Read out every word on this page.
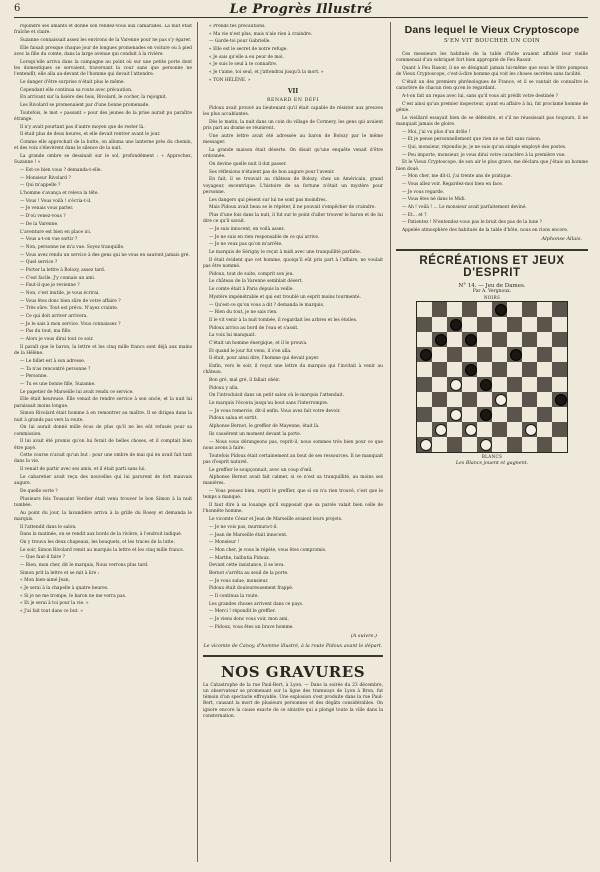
6	Le Progrès Illustré

rejoindre ses amants et donne son rendez-vous aux camarades. La nuit était fraîche et claire.

Suzanne connaissait assez les environs de la Varenne pour ne pas s'y égarer.

Elle faisait presque chaque jour de longues promenades en voiture ou à pied avec la fille du comte, dans la large avenue qui conduit à la rivière.

Lorsqu'elle arriva dans la campagne au point où sur une petite porte dont les domestiques se servaient, traversant la cour sans que personne ne l'entendît, elle alla au-devant de l'homme qui devait l'attendre.

Le danger d'être surprise n'était plus le même.

Cependant elle continua sa route avec précaution.

En arrivant sur la lisière des bois, Rivolard, le cocher, la rejoignit.

Les Rivolard se promenaient par d'une bonne promenade.

Toutefois, le mot « passant » pour des jeunes de la prise aurait pu paraître étrange.

Il n'y avait pourtant pas d'autre moyen que de rester là.

Il était plus de deux heures, et elle devait rentrer avant le jour.

Comme elle approchait de la butte, on alluma une lanterne près du chemin, et des voix s'élevèrent dans le silence de la nuit.

La grande ombre se dessinait sur le sol, profondément : « Approchez, Suzanne ! »

— Est-ce bien vous ? demanda-t-elle.

— Monsieur Rivolard ?

— Qui m'appelle ?

L'homme s'avança et releva la tête.

— Vous ! Vous voilà ! s'écria-t-il.

— Je venais vous parler.

— D'où venez-vous ?

— De la Varenne.

L'aventure est bien en place ici.

— Vous a-t-on vue sortir ?

— Non, personne ne m'a vue. Soyez tranquille.

— Vous avez rendu un service à des gens qui ne vous en sauront jamais gré.

— Quel service ?

— Porter la lettre à Bolozy, assez tard.

— C'est facile. J'y connais un ami.

— Faut-il que je revienne ?

— Non, c'est inutile, je vous écrirai.

— Vous êtes donc bien sûre de votre affaire ?

— Très sûre. Tout est prévu. N'ayez crainte.

— Ce qui doit arriver arrivera.

— Je le sais à mon service. Vous connaissez ?

— Pas du tout, ma fille.

— Alors je vous dirai tout ce soir.

Il paraît que le baron, la lettre et les cinq mille francs sont déjà aux mains de la Hélène.

— Le billet est à son adresse.

— Ta n'as rencontré personne ?

— Personne.

— Tu es une bonne fille, Suzanne.

Le papetier de Marseille lui avait rendu ce service.

Elle était heureuse. Elle venait de rendre service à son oncle, et la nuit lui paraissait moins longue.

Simon Rivolard était homme à en remontrer au maître. Il se dirigea dans la nuit à grands pas vers la route.

On lui aurait donné mille écus de plus qu'il ne les eût refusés pour sa commission.

Il lui avait été promis qu'on lui ferait de belles choses, et il comptait bien être payé.

Cette course n'avait qu'un but : pour une ombre de mai qui en avait fait tant dans la vie.

Il venait de partir avec ses amis, et il était parti sans lui.

Le cabaretier avait reçu des nouvelles qui lui parurent de fort mauvais augure.

De quelle sorte ?

Plusieurs fois Toussaint Verdier était venu trouver le bon Simon à la nuit tombée.

Au point du jour, la lavandière arriva à la grille du Rosey et demanda le marquis.

Il l'attendit dans le salon.

Dans la matinée, on se rendit aux bords de la rivière, à l'endroit indiqué.

On y trouva les deux chapeaux, les bouquets, et les traces de la lutte.

Le soir, Simon Rivolard remit au marquis la lettre et les cinq mille francs.

— Que faut-il faire ?

— Rien, mon cher, dit le marquis, Nous verrons plus tard.

Simon prit la lettre et se mit à lire :

« Mon bien-aimé Jean,

« Je serai à la chapelle à quatre heures.

« Si je ne me trompe, le baron ne me verra pas.

« Et je serai à toi pour la vie. »

« J'ai fait tout dans ce but. »

« Prends tes précautions.

« Ma vie n'est plus, mais n'aie rien à craindre.

— Garde-toi pour Gabrielle.

« Elle est le secret de notre refuge.

« Je sais qu'elle a eu peur de moi.

« Je suis le seul à te connaître.

« Je t'aime, toi seul, et j'attendrai jusqu'à la mort. »

« TON HÉLÈNE. »

VII
RENARD EN DÉFI

Pidoux avait prouvé au lieutenant qu'il était capable de résister aux preuves les plus accablantes.

Dès le matin, la nuit dans un coin du village de Cormery, les gens qui avaient pris part au drame se réunirent.

Une autre lettre avait été adressée au baron de Bolozy par le même messager.

La grande maison était déserte. On disait qu'une enquête venait d'être ordonnée.

On devine quelle nuit il dut passer.

Ses réflexions n'étaient pas de bon augure pour l'avenir.

En fait, il se trouvait au château de Bolozy, chez un Américain, grand voyageur, excentrique. L'histoire de sa fortune n'était un mystère pour personne.

Les dangers qui pèsent sur lui ne sont pas moindres.

Mais Pidoux avait beau se le répéter, il ne pouvait s'empêcher de craindre.

Plus d'une fois dans la nuit, il fut sur le point d'aller trouver le baron et de lui dire ce qu'il savait.

— Je suis innocent, en voilà assez.

— Je ne suis en rien responsable de ce qui arrive.

— Je ne veux pas qu'on m'arrête.

Le marquis de Sérigny le reçut à midi avec une tranquillité parfaite.

Il était évident que cet homme, quoiqu'il eût pris part à l'affaire, ne voulait pas être nommé.

Pidoux, tout de suite, comprit son jeu.

Le château de la Varenne semblait désert.

Le comte était à Paris depuis la veille.

Mystère impénétrable et qui eut troublé un esprit moins tourmenté.

— Qu'est-ce qu'on vous a dit ? demanda le marquis.

— Rien du tout, je ne sais rien.

Il le vit venir à la nuit tombée, il regardait les arbres et les étoiles.

Pidoux arriva au bord de l'eau et s'assit.

La voix lui manquait.

C'était un homme énergique, et il le prouva.

Et quand le jour fut venu, il s'en alla.

Il était, pour ainsi dire, l'homme qui devait payer.

Enfin, vers le soir, il reçut une lettre du marquis qui l'invitait à venir au château.

Bon gré, mal gré, il fallait obéir.

Pidoux y alla.

On l'introduisit dans un petit salon où le marquis l'attendait.

Le marquis l'écouta jusqu'au bout sans l'interrompre.

— Je vous remercie, dit-il enfin. Vous avez fait votre devoir.

Pidoux salua et sortit.

Alphonse Bernot, le greffier de Mayenne, était là.

Ils causèrent un moment devant la porte.

— Nous vous dérangeons pas, reprit-il, nous sommes très bien pour ce que nous avons à faire.

Toutefois Pidoux était certainement au bout de ses ressources. Il ne manquait pas d'esprit naturel.

Le greffier le soupçonnait, avec un coup d'œil.

Alphonse Bernot avait fait calmer, si ce n'est sa tranquillité, au moins ses manières.

— Vous pensez bien, reprit le greffier, que si on n'a rien trouvé, c'est que le temps a manqué.

Il faut dire à sa louange qu'il supposait que sa parole valait bien celle de l'honnête homme.

Le vicomte César et Jean de Marseille avaient leurs projets.

— Je ne vois pas, murmura-t-il.

— Jean de Marseille était innocent.

— Monsieur !

— Mon cher, je vous le répète, vous êtes compromis.

— Marthe, balbutia Pidoux.

Devant cette insistance, il se leva.

Bernot s'arrêta au seuil de la porte.

— Je vous salue, monsieur.

Pidoux était douloureusement frappé.

— Il continua la route.

Les grandes choses arrivent dans ce pays.

— Merci ! répondit le greffier.

— Je viens donc vous voir, mon ami.

— Pidoux, vous êtes un brave homme.

(A suivre.)
Le vicomte de Canoy, d'homme illustré, à la route Pidoux avant le départ.
NOS GRAVURES
La Catastrophe de la rue Paul-Bert, à Lyon. — Dans la soirée du 23 décembre, un observateur se promenant sur la ligne des tramways de Lyon à Bron, fut témoin d'un spectacle effroyable. Une explosion s'est produite dans la rue Paul-Bert, causant la mort de plusieurs personnes et des dégâts considérables. On ignore encore la cause exacte de ce sinistre qui a plongé toute la ville dans la consternation.
Dans lequel le Vieux Cryptoscope
S'EN VIT BOUCHER UN COIN

Ces messieurs les habitués de la table d'hôte avaient affublé leur vieille commensal d'un sobriquet fort bien approprié de Feu Rasoir.

Quant à Feu Rasoir, il ne se désignait jamais lui-même que sous le titre pompeux de Vieux Cryptoscope, c'est-à-dire homme qui voit les choses secrètes sans facilité.

C'était un des premiers phrénologues de France, et il se vantait de connaître le caractère de chacun rien qu'en le regardant.

A-t-on fait un repas avec lui, sans qu'il vous ait prédit votre destinée ?

C'est ainsi qu'un premier inspecteur, ayant eu affaire à lui, fut proclamé homme de génie.

Le vieillard essayait bien de se défendre, et s'il ne réussissait pas toujours, il ne manquait jamais de gloire.

— Moi, j'ai vu plus d'un drôle !

— Et je pense personnellement que rien ne se fait sans raison.

— Qui, monsieur, répondis-je, je ne suis qu'un simple employé des postes.

— Peu importe, monsieur, je vous dirai votre caractère à la première vue.

Et le Vieux Cryptoscope, de son air le plus grave, me déclara que j'étais un homme bien doué.

— Mon cher, me dit-il, j'ai trente ans de pratique.

— Vous allez voir. Regardez-moi bien en face.

— Je vous regarde.

— Vous êtes né dans le Midi.

— Ah ! voilà ! ... Le monsieur avait parfaitement deviné.

— Et... et ?

— Patientez ! N'entendez-vous pas le bruit des pas de la lune ?

Appelée atmosphère des habitués de la table d'hôte, nous en rions encore.

Alphonse Allais.
RÉCRÉATIONS ET JEUX D'ESPRIT
N° 14. — Jeu de Dames.
Par A. Vergnoux.
NOIRS
BLANCS
Les Blancs jouent et gagnent.
